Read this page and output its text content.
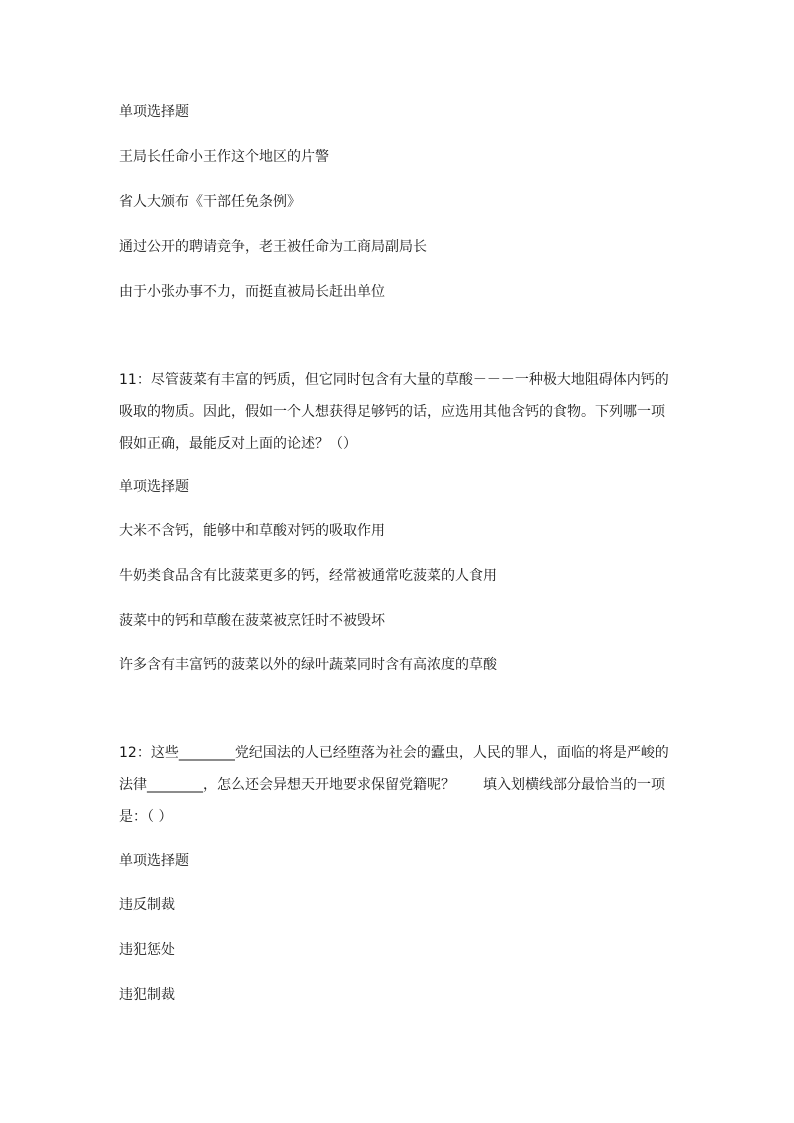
单项选择题

王局长任命小王作这个地区的片警

省人大颁布《干部任免条例》

通过公开的聘请竞争，老王被任命为工商局副局长

由于小张办事不力，而挺直被局长赶出单位

11：尽管菠菜有丰富的钙质，但它同时包含有大量的草酸－－－一种极大地阻碍体内钙的吸取的物质。因此，假如一个人想获得足够钙的话，应选用其他含钙的食物。下列哪一项假如正确，最能反对上面的论述？（）

单项选择题

大米不含钙，能够中和草酸对钙的吸取作用

牛奶类食品含有比菠菜更多的钙，经常被通常吃菠菜的人食用

菠菜中的钙和草酸在菠菜被烹饪时不被毁坏

许多含有丰富钙的菠菜以外的绿叶蔬菜同时含有高浓度的草酸

12：这些________党纪国法的人已经堕落为社会的蠹虫，人民的罪人，面临的将是严峻的法律________，怎么还会异想天开地要求保留党籍呢？　　填入划横线部分最恰当的一项是：（ ）

单项选择题

违反制裁

违犯惩处

违犯制裁
